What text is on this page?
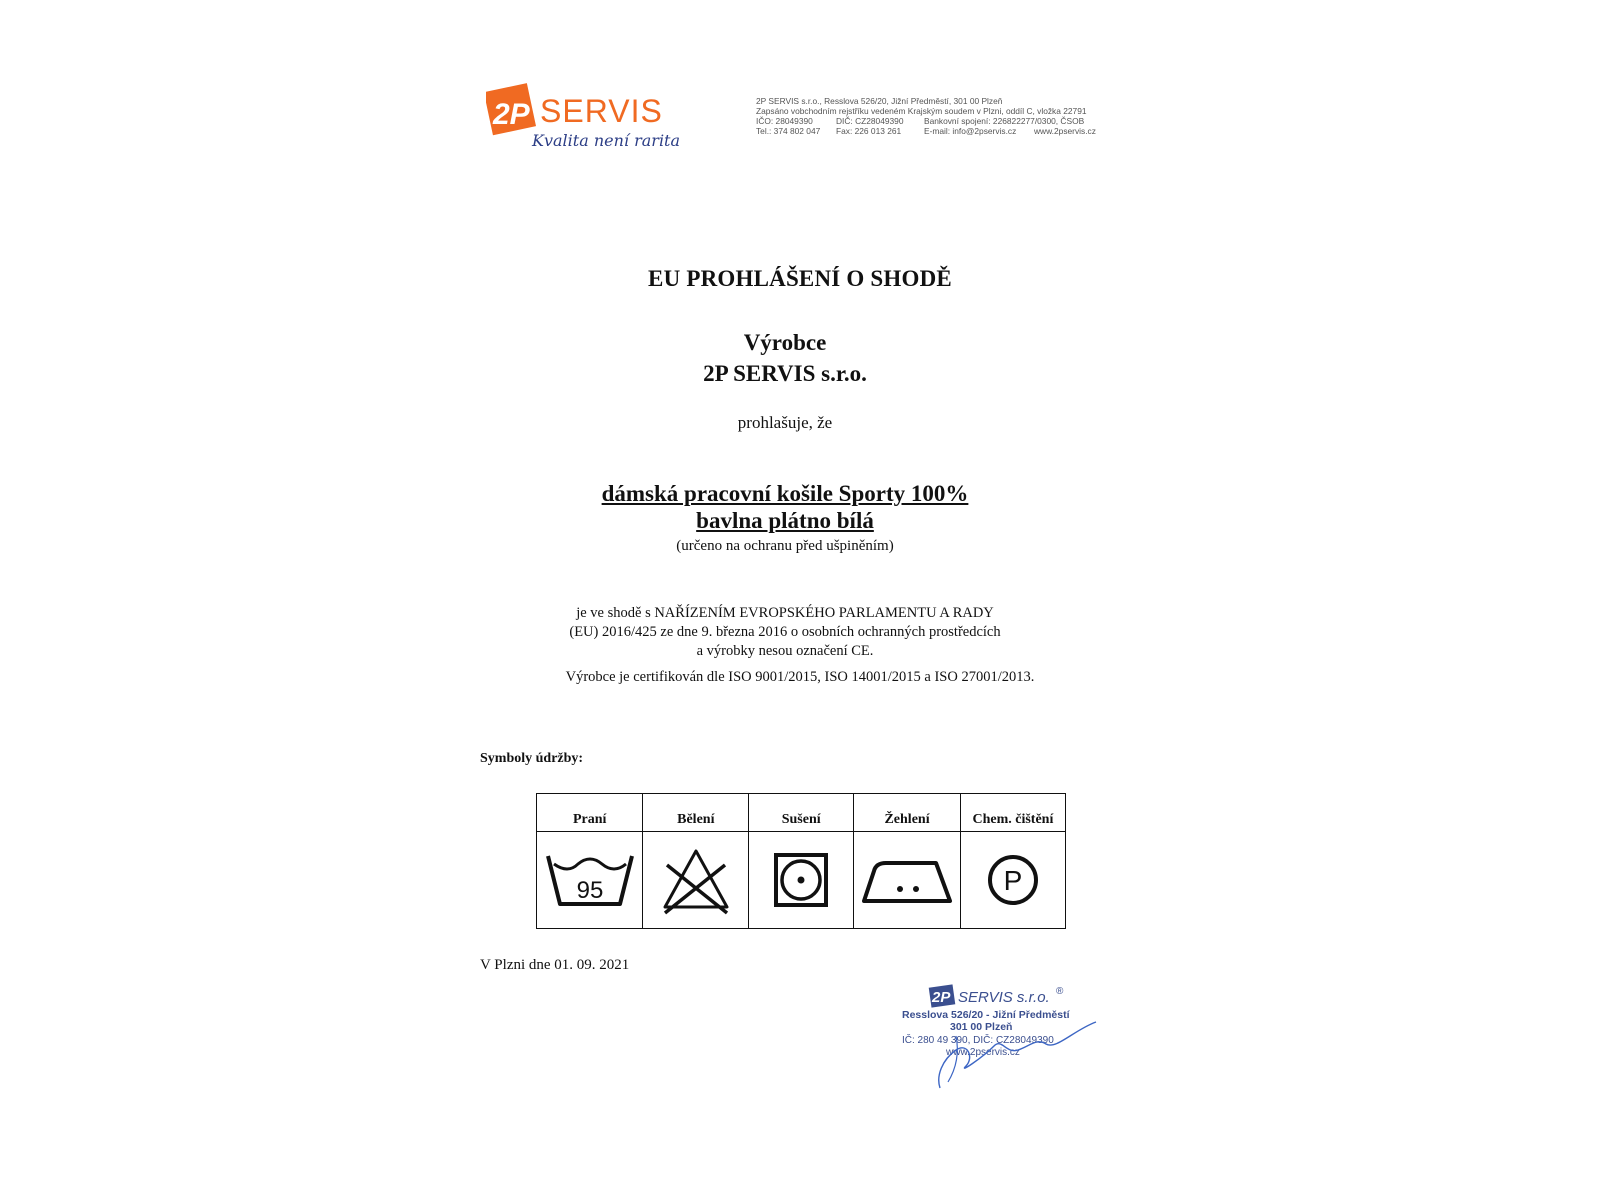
2P SERVIS
Kvalita není rarita
2P SERVIS s.r.o., Resslova 526/20, Jižní Předměstí, 301 00 Plzeň
Zapsáno vobchodním rejstříku vedeném Krajským soudem v Plzni, oddíl C, vložka 22791
IČO: 28049390	DIČ: CZ28049390 Bankovní spojení: 226822277/0300, ČSOB
Tel.: 374 802 047 Fax: 226 013 261	E-mail: info@2pservis.cz www.2pservis.cz
EU PROHLÁŠENÍ O SHODĚ
Výrobce
2P SERVIS s.r.o.
prohlašuje, že
dámská pracovní košile Sporty 100%
bavlna plátno bílá
(určeno na ochranu před ušpiněním)
je ve shodě s NAŘÍZENÍM EVROPSKÉHO PARLAMENTU A RADY
(EU) 2016/425 ze dne 9. března 2016 o osobních ochranných prostředcích
a výrobky nesou označení CE.
Výrobce je certifikován dle ISO 9001/2015, ISO 14001/2015 a ISO 27001/2013.
Symboly údržby:
Praní	Bělení	Sušení	Žehlení	Chem. čištění

95				P
V Plzni dne 01. 09. 2021
2P SERVIS s.r.o. ®
Resslova 526/20 - Jižní Předměstí
301 00 Plzeň
IČ: 280 49 390, DIČ: CZ28049390
www.2pservis.cz
